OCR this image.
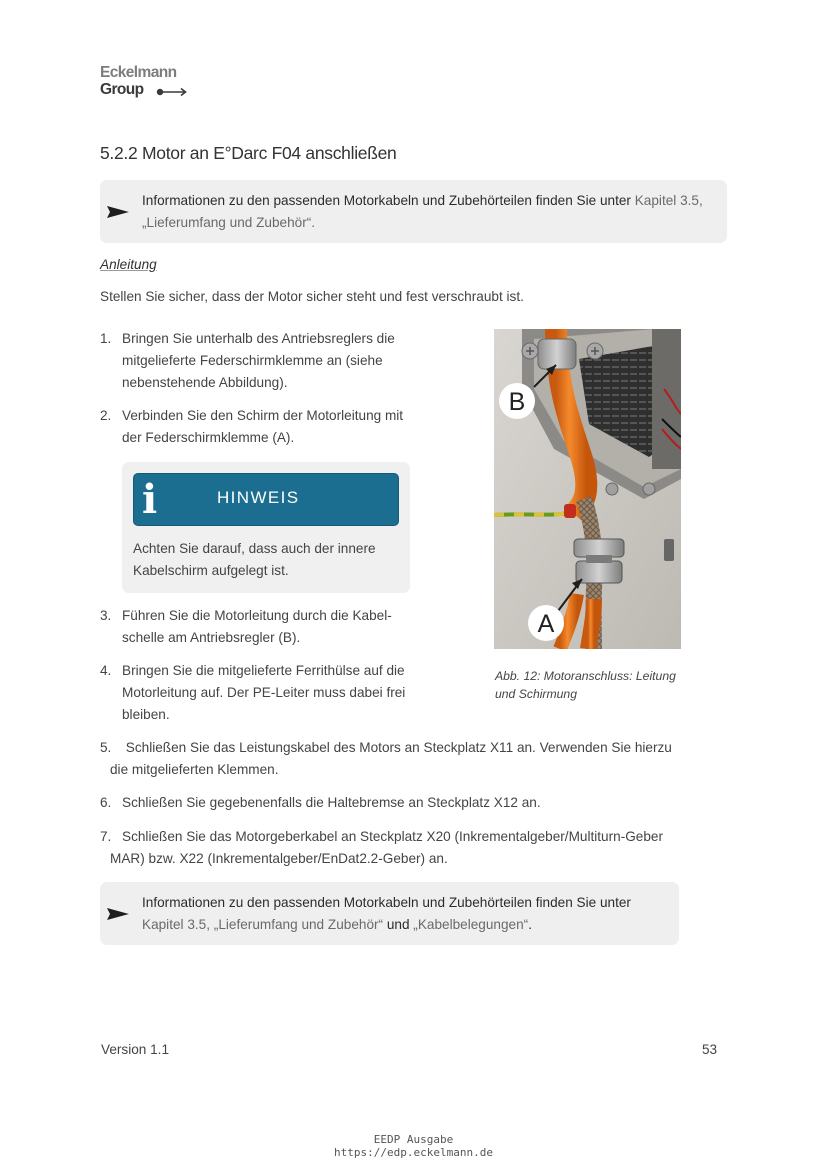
Eckelmann
Group
5.2.2 Motor an E°Darc F04 anschließen
Informationen zu den passenden Motorkabeln und Zubehörteilen finden Sie unter Kapitel 3.5,
„Lieferumfang und Zubehör“.
Anleitung
Stellen Sie sicher, dass der Motor sicher steht und fest verschraubt ist.
1. Bringen Sie unterhalb des Antriebsreglers die
mitgelieferte Federschirmklemme an (siehe
nebenstehende Abbildung).
2. Verbinden Sie den Schirm der Motorleitung mit
der Federschirmklemme (A).
i	HINWEIS
Achten Sie darauf, dass auch der innere
Kabelschirm aufgelegt ist.
3. Führen Sie die Motorleitung durch die Kabel-
schelle am Antriebsregler (B).
4. Bringen Sie die mitgelieferte Ferrithülse auf die
Motorleitung auf. Der PE-Leiter muss dabei frei
bleiben.
B
A
Abb. 12: Motoranschluss: Leitung
und Schirmung
5. Schließen Sie das Leistungskabel des Motors an Steckplatz X11 an. Verwenden Sie hierzu
die mitgelieferten Klemmen.
6. Schließen Sie gegebenenfalls die Haltebremse an Steckplatz X12 an.
7. Schließen Sie das Motorgeberkabel an Steckplatz X20 (Inkrementalgeber/Multiturn-Geber
MAR) bzw. X22 (Inkrementalgeber/EnDat2.2-Geber) an.
Informationen zu den passenden Motorkabeln und Zubehörteilen finden Sie unter
Kapitel 3.5, „Lieferumfang und Zubehör“ und „Kabelbelegungen“.
Version 1.1	53
EEDP Ausgabe
https://edp.eckelmann.de
